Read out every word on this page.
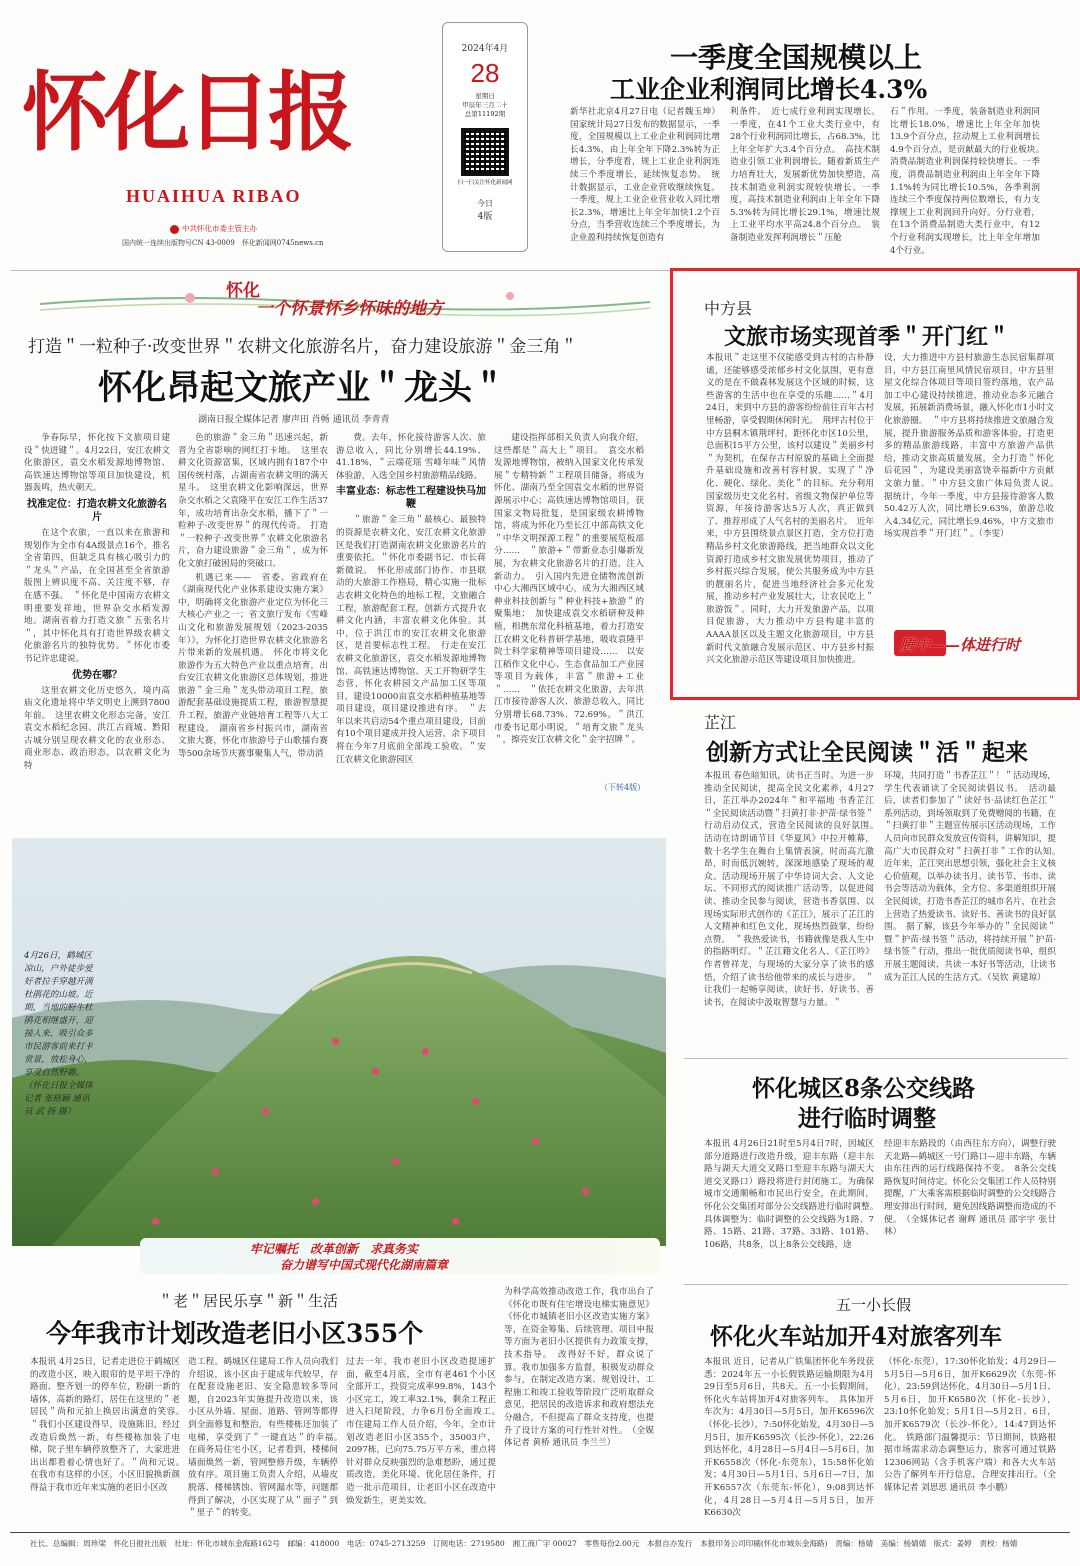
怀化日报
HUAIHUA RIBAO
中共怀化市委主管主办
国内统一连续出版物号CN 43-0009　怀化新闻网0745news.cn
2024年4月
28
星期日
甲辰年三月二十
总第11192期
扫一扫关注怀化新闻网
今日
4版
一季度全国规模以上
工业企业利润同比增长4.3%
新华社北京4月27日电（记者魏玉坤）国家统计局27日发布的数据显示，一季度，全国规模以上工业企业利润同比增长4.3%，由上年全年下降2.3%转为正增长，分季度看，规上工业企业利润连续三个季度增长，延续恢复态势。　统计数据显示，工业企业营收继续恢复。一季度，规上工业企业营业收入同比增长2.3%，增速比上年全年加快1.2个百分点，当季营收连续三个季度增长，为企业盈利持续恢复创造有
利条件。　近七成行业利润实现增长。一季度，在41个工业大类行业中，有28个行业利润同比增长，占68.3%，比上年全年扩大3.4个百分点。　高技术制造业引领工业利润增长。随着新质生产力培育壮大，发展新优势加快塑造，高技术制造业利润实现较快增长。一季度，高技术制造业利润由上年全年下降5.3%转为同比增长29.1%，增速比规上工业平均水平高24.8个百分点。　装备制造业发挥利润增长＂压舱
石＂作用。一季度，装备制造业利润同比增长18.0%，增速比上年全年加快13.9个百分点，拉动规上工业利润增长4.9个百分点，是贡献最大的行业板块。　消费品制造业利润保持较快增长。一季度，消费品制造业利润由上年全年下降1.1%转为同比增长10.5%，各季利润连续三个季度保持两位数增长，有力支撑规上工业利润回升向好。分行业看，在13个消费品制造大类行业中，有12个行业利润实现增长，比上年全年增加4个行业。
怀化
一个怀景怀乡怀味的地方
打造＂一粒种子·改变世界＂农耕文化旅游名片，奋力建设旅游＂金三角＂
怀化昂起文旅产业＂龙头＂
湖南日报全媒体记者 廖声田 肖畅 通讯员 李青青

争春际早，怀化按下文旅项目建设＂快进键＂。4月22日，安江农耕文化旅游区，袁交水稻发源地博物馆、高铁速达博物馆等项目加快建设，机器轰鸣，热火朝天。

找准定位：打造农耕文化旅游名片

在这个农旅，一直以来在旅游和规划作为全市有4A级景点16个，推名全省第四，但缺乏具有核心吸引力的＂龙头＂产品，在全国甚至全省旅游版图上辨识度不高、关注度不够，存在感不强。　＂怀化是中国南方农耕文明重要发祥地，世界杂交水稻发源地。湖南省着力打造文旅＂五张名片＂，其中怀化具有打造世界级农耕文化旅游名片的独特优势。＂怀化市委书记许忠建说。

优势在哪？

这里农耕文化历史悠久，境内高庙文化遗址将中华文明史上溯到7800年前。　这里农耕文化形态完备，安江袁交水稻纪念园、洪江古商城、黔阳古城分别呈现农耕文化的农业形态、商业形态、政治形态，以农耕文化为特

色的旅游＂金三角＂迅速兴起，新晋为全省影响的网红打卡地。　这里农耕文化资源富集，区域内拥有187个中国传统村落，占湖南省农耕文明的满天星斗。　这里农耕文化影响深远，世界杂交水稻之父袁隆平在安江工作生活37年，成功培育出杂交水稻，播下了＂一粒种子·改变世界＂的现代传奇。　打造＂一粒种子·改变世界＂农耕文化旅游名片，奋力建设旅游＂金三角＂，成为怀化文旅打破困局的突破口。

机遇已来——　省委、省政府在《湖南现代化产业体系建设实施方案》中，明确将文化旅游产业定位为怀化三大核心产业之一；省文旅厅发布《雪峰山文化和旅游发展规划（2023-2035年）》，为怀化打造世界农耕文化旅游名片带来新的发展机遇。　怀化市将文化旅游作为五大特色产业以重点培育，出台安江农耕文化旅游区总体规划，推进旅游＂金三角＂龙头带动项目工程，旅游配套基础设施提质工程，旅游智慧提升工程，旅游产业链培育工程等八大工程建设。　湖南省乡村振兴市，湖南省文旅大赛，怀化市旅游号子山歌擂台赛等500余场节庆赛事聚集人气，带动消

费。去年，怀化接待游客人次、旅游总收入，同比分别增长44.19%、41.18%，＂云端花瑶 雪峰年味＂风情体验游，入选全国乡村旅游精品线路。

丰富业态：标志性工程建设快马加鞭

＂旅游＂金三角＂最核心、最独特的资源是农耕文化，安江农耕文化旅游区是我们打造湖南农耕文化旅游名片的重要依托。＂怀化市委副书记、市长蒋新微说。　怀化形成部门协作、市县联动的大旅游工作格局，精心实施一批标志农耕文化特色的地标工程，文旅融合工程，旅游配套工程，创新方式提升农耕文化内涵，丰富农耕文化体验。其中，位于洪江市的安江农耕文化旅游区，是首要标志性工程。　行走在安江农耕文化旅游区，袁交水稻发源地博物馆、高铁速达博物馆、天工开物研学生态营，怀化农耕园文产品加工区等项目，建设10000亩袁交水稻种植基地等项目建设，项目建设推进有序。　＂去年以来共启动54个重点项目建设，目前有10个项目建成并投入运营，余下项目将在今年7月底前全部竣工验收。＂安江农耕文化旅游园区

建设指挥部相关负责人向我介绍，这些都是＂高大上＂项目。　袁交水稻发源地博物馆，被纳入国家文化传承发展＂专精特新＂工程项目储备，将成为怀化、湖南乃至全国袁交水稻的世界资源展示中心；高铁速达博物馆项目，获国家文物局批复，是国家级农耕博物馆，将成为怀化乃至长江中部高铁文化＂中华文明探源工程＂的重要展览板部分……　＂旅游+＂带新业态引爆新发展，为农耕文化旅游名片的打造，注入新动力。　引入国内先进仓储物流创新中心大湘西区域中心，成为大湘西区域种业科技创新与＂种业科技+旅游＂的聚集地；　加快建成袁交水稻研种及种植，相携东常化科植基地，着力打造安江农耕文化科普研学基地，吸收袁隆平院士科学家精神等项目建设……　以安江稻作文化中心、生态食品加工产业园等项目为载体，丰富＂旅游+工业＂……　＂依托农耕文化旅游，去年洪江市接待游客人次、旅游总收入，同比分别增长68.73%、72.69%。＂洪江市委书记郑小明说，＂培育文旅＂龙头＂，擦亮安江农耕文化＂金字招牌＂。

（下转4版）
4月26日，鹤城区凉山，户外徒步爱好者拉手穿越开满杜鹃花的山坡。近期，当地的野生杜鹃花相继盛开，迎接人来，吸引众多市民游客前来打卡赏景，放松身心，享受自然野趣。 （怀化日报全媒体记者 张格颖 通讯员 武 扬 摄）
牢记嘱托　改革创新　求真务实
奋力谱写中国式现代化湖南篇章
＂老＂居民乐享＂新＂生活
今年我市计划改造老旧小区355个
本报讯 4月25日，记者走进位于鹤城区的改造小区，映入眼帘的是平坦干净的路面、整齐划一的停车位，粉刷一新的墙体，高新的路灯，居住在这里的＂老居民＂尚和元拍上换居出满意的笑容。　＂我们小区建设得早，设施陈旧，经过改造后焕然一新，有些楼栋加装了电梯，院子里车辆停放整齐了，大家进进出出都看着心情也好了。＂尚和元说。　在我市有这样的小区，小区旧貌换新颜得益于我市近年来实施的老旧小区改
造工程。鹤城区住建局工作人员向我们介绍说，该小区由于建成年代较早，存在配套设施老旧、安全隐患较多等问题，自2023年实施提升改造以来，该小区从外墙、屋面、道路、管网等都得到全面修复和整治，有些楼栋还加装了电梯，享受到了＂一键直达＂的幸福。　在商务局住宅小区，记者看到，楼梯间墙面焕然一新，管网整修升级，车辆停放有序。项目施工负责人介绍，从墙皮脱落、楼梯锈蚀、管网漏水等，问题都得到了解决，小区实现了从＂面子＂到＂里子＂的转变。
过去一年，我市老旧小区改造提速扩面，截至4月底，全市有老461个小区全部开工，投资完成率99.8%，143个小区完工，竣工率32.1%，剩余工程正进入扫尾阶段，力争6月份全面竣工。　市住建局工作人员介绍，今年，全市计划改造老旧小区355个，35003户，2097栋，已向75.75万平方米，重点将针对群众反映强烈的急难愁盼，通过提质改造，美化环境、优化居住条件，打造一批示范项目，让老旧小区在改造中焕发新生，更美实效。
为科学高效推动改造工作，我市出台了《怀化市既有住宅增设电梯实施意见》《怀化市城镇老旧小区改造实施方案》等，在资金筹集、后续管理、项目申报等方面为老旧小区提供有力政策支撑，技术指导。　改得好不好，群众说了算。我市加强多方监督，积极发动群众参与，在制定改造方案、规划设计、工程施工和竣工验收等阶段广泛听取群众意见，把居民的改造诉求和政府想法充分融合，不但提高了群众支持度，也提升了设计方案的可行性针对性。　（全媒体记者 黄桥 通讯员 李兰兰）
中方县
文旅市场实现首季＂开门红＂
本报讯＂走这里不仅能感受到古村的古朴静谧，还能够感受浓郁乡村文化氛围，更有意义的是在不做森林发展这个区域的时候，这些游客的生活中也在享受的乐趣……＂4月24日，来到中方县的游客纷纷前往百年古村里畅游，享受假期休闲时光。　荆坪古村位于中方县桐木镇荆坪村，距怀化市区10公里，总面积15平方公里，该村以建设＂美丽乡村＂为契机，在保存古村原貌的基础上全面提升基础设施和改善村容村貌，实现了＂净化、硬化、绿化、美化＂的目标。充分利用国家级历史文化名村、省级文物保护单位等资源，年接待游客达5万人次，真正做到了、推荐形成了人气名村的美丽名片。　近年来，中方县围绕景点景区打造，全方位打造精品乡村文化旅游路线，把当地群众以文化资源打造成乡村文旅发展优势项目，推动了乡村振兴综合发展，使公共服务成为中方县的靓丽名片，促进当地经济社会多元化发展，推动乡村产业发展壮大，让农民吃上＂旅游饭＂。同时，大力开发旅游产品，以项目促旅游，大力推动中方县构建丰富的AAAA景区以及主题文化旅游项目，中方县新时代文旅融合发展示范区、中方县乡村振兴文化旅游示范区等建设项目加快推进。
设，大力推进中方县村旅游生态民宿集群项目，中方县江南里风情民宿项目，中方县里屋文化综合体项目等项目签约落地，农产品加工中心建设持续推进，推动业态多元融合发展，拓展新消费场景，融入怀化市1小时文化旅游圈。　＂中方县将持续推进文旅融合发展，提升旅游服务品质和游客体验，打造更多的精品旅游线路，丰富中方旅游产品供给，推动文旅高质量发展，全力打造＂怀化后花园＂，为建设美丽富饶幸福新中方贡献文旅力量。＂中方县文旅广体局负责人说。　据统计，今年一季度，中方县接待游客人数50.42万人次，同比增长9.63%，旅游总收入4.34亿元，同比增长9.46%，中方文旅市场实现首季＂开门红＂。（李雯）
腾中——体进行时
芷江
创新方式让全民阅读＂活＂起来
本报讯 春色暗知讯，读书正当时。为进一步推动全民阅读，提高全民文化素养，4月27日，芷江举办2024年＂和平福地 书香芷江＂全民阅读活动暨＂扫黄打非·护苗·绿书签＂行动启动仪式，营造全民阅读的良好氛围。　活动在诗朗诵节目《华夏风》中拉开帷幕，数十名学生在舞台上集情表演，时而高亢激昂，时而低沉婉转，深深地感染了现场的观众。活动现场开展了中华诗词大会、人文论坛、不同形式的阅读推广活动等，以促进阅读、推动全民参与阅读，营造书香氛围、以现场实际形式创作的《芷江》，展示了芷江的人文精神和红色文化，现场热烈鼓掌，纷纷点赞。　＂我热爱读书，书籍就像是我人生中的指路明灯。＂芷江籍文化名人、《芷江吟》作者曾祥龙，与现场的大家分享了读书的感悟，介绍了读书给他带来的成长与进步。　＂让我们一起畅享阅读，读好书、好读书、善读书，在阅读中汲取智慧与力量。＂
环境，共同打造＂书香芷江＂！＂活动现场，学生代表诵读了全民阅读倡议书。　活动最后，读者们参加了＂读好书·品读红色芷江＂系列活动，到场领取到了免费赠阅的书籍，在＂扫黄打非＂主题宣传展示区活动现场，工作人员向市民群众发放宣传资料，讲解知识，提高广大市民群众对＂扫黄打非＂工作的认知。　近年来，芷江突出思想引领，强化社会主义核心价值观，以举办读书月、读书节、书市、读书会等活动为载体，全方位、多渠道组织开展全民阅读，打造书香芷江的城市名片，在社会上营造了热爱读书、读好书、善读书的良好氛围。　据了解，该县今年举办的＂全民阅读＂暨＂护苗·绿书签＂活动，将持续开展＂护苗·绿书签＂行动，推出一批优质阅读书单，组织开展主题阅读、共读一本好书等活动，让读书成为芷江人民的生活方式。（吴钦 黄建琼）
怀化城区8条公交线路
进行临时调整
本报讯 4月26日21时至5月4日7时，因城区部分道路进行改造升级，迎丰东路（迎丰东路与湖天大道交叉路口至迎丰东路与湖天大道交叉路口）路段将进行封闭施工。为确保城市交通顺畅和市民出行安全，在此期间，怀化公交集团对部分公交线路进行临时调整。　具体调整为：临时调整的公交线路为1路、7路、15路、21路、37路、33路、101路、106路，共8条，以上8条公交线路，途
经迎丰东路段的（由西往东方向），调整行驶天北路—鹤城区一号门路口—迎丰东路，车辆由东往西的运行线路保持不变。　8条公交线路恢复时间待定。怀化公交集团工作人员特别提醒，广大乘客需根据临时调整的公交线路合理安排出行时间，避免因线路调整而造成的不便。　（全媒体记者 谢辉 通讯员 邵宇宇 张廿林）
五一小长假
怀化火车站加开4对旅客列车
本报讯 近日，记者从广铁集团怀化车务段获悉：2024年五一小长假铁路运输期限为4月29日至5月6日，共8天。五一小长假期间，怀化火车站将加开4对旅客列车。　具体加开车次为：4月30日—5月5日，加开K6596次（怀化-长沙），7:50怀化始发，4月30日—5月5日，加开K6595次（长沙-怀化），22:26到达怀化，4月28日—5月4日—5月6日，加开K6558次（怀化-东莞东），15:58怀化始发；4月30日—5月1日、5月6日—7日，加开K6557次（东莞东-怀化），9:08到达怀化，4月28日—5月4日—5月5日，加开K6630次
（怀化-东莞），17:30怀化始发；4月29日—5月5日—5月6日，加开K6629次（东莞-怀化），23:59到达怀化，4月30日—5月1日、5月6日，加开K6580次（怀化-长沙），23:10怀化始发；5月1日—5月2日、6日，加开K6579次（长沙-怀化），14:47到达怀化。　铁路部门温馨提示：节日期间，铁路根据市场需求动态调整运力，旅客可通过铁路12306网站（含手机客户端）和各大火车站公告了解列车开行信息，合理安排出行。（全媒体记者 刘思思 通讯员 李小鹏）
社长、总编辑：周珍梁　怀化日报社出版　社址：怀化市城东金海路162号　邮编：418000　电话：0745-2713259　订阅电话：2719580　湘工商广字 00027　零售每份2.00元　本报自办发行　本报印务公司印刷(怀化市城东金海路)　责编：杨婧　美编：杨婧婧　版式：姜婷　责校：杨婧
